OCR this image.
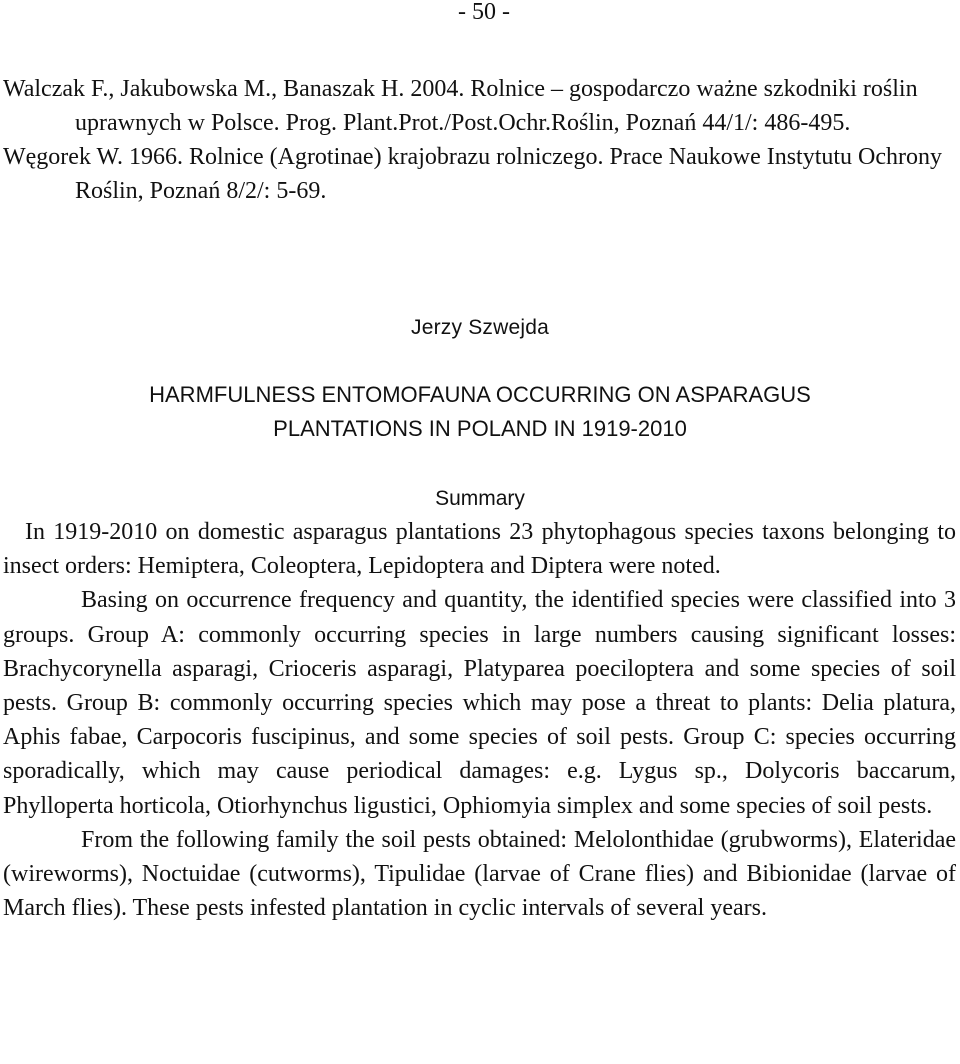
- 50 -

Walczak F., Jakubowska M., Banaszak H. 2004. Rolnice – gospodarczo ważne szkodniki roślin uprawnych w Polsce. Prog. Plant.Prot./Post.Ochr.Roślin, Poznań 44/1/: 486-495.

Węgorek W. 1966. Rolnice (Agrotinae) krajobrazu rolniczego. Prace Naukowe Instytutu Ochrony Roślin, Poznań 8/2/: 5-69.

Jerzy Szwejda
HARMFULNESS ENTOMOFAUNA OCCURRING ON ASPARAGUS
PLANTATIONS IN POLAND IN 1919-2010
Summary

In 1919-2010 on domestic asparagus plantations 23 phytophagous species taxons belonging to insect orders: Hemiptera, Coleoptera, Lepidoptera and Diptera were noted.

Basing on occurrence frequency and quantity, the identified species were classified into 3 groups. Group A: commonly occurring species in large numbers causing significant losses: Brachycorynella asparagi, Crioceris asparagi, Platyparea poeciloptera and some species of soil pests. Group B: commonly occurring species which may pose a threat to plants: Delia platura, Aphis fabae, Carpocoris fuscipinus, and some species of soil pests. Group C: species occurring sporadically, which may cause periodical damages: e.g. Lygus sp., Dolycoris baccarum, Phylloperta horticola, Otiorhynchus ligustici, Ophiomyia simplex and some species of soil pests.

From the following family the soil pests obtained: Melolonthidae (grubworms), Elateridae (wireworms), Noctuidae (cutworms), Tipulidae (larvae of Crane flies) and Bibionidae (larvae of March flies). These pests infested plantation in cyclic intervals of several years.
